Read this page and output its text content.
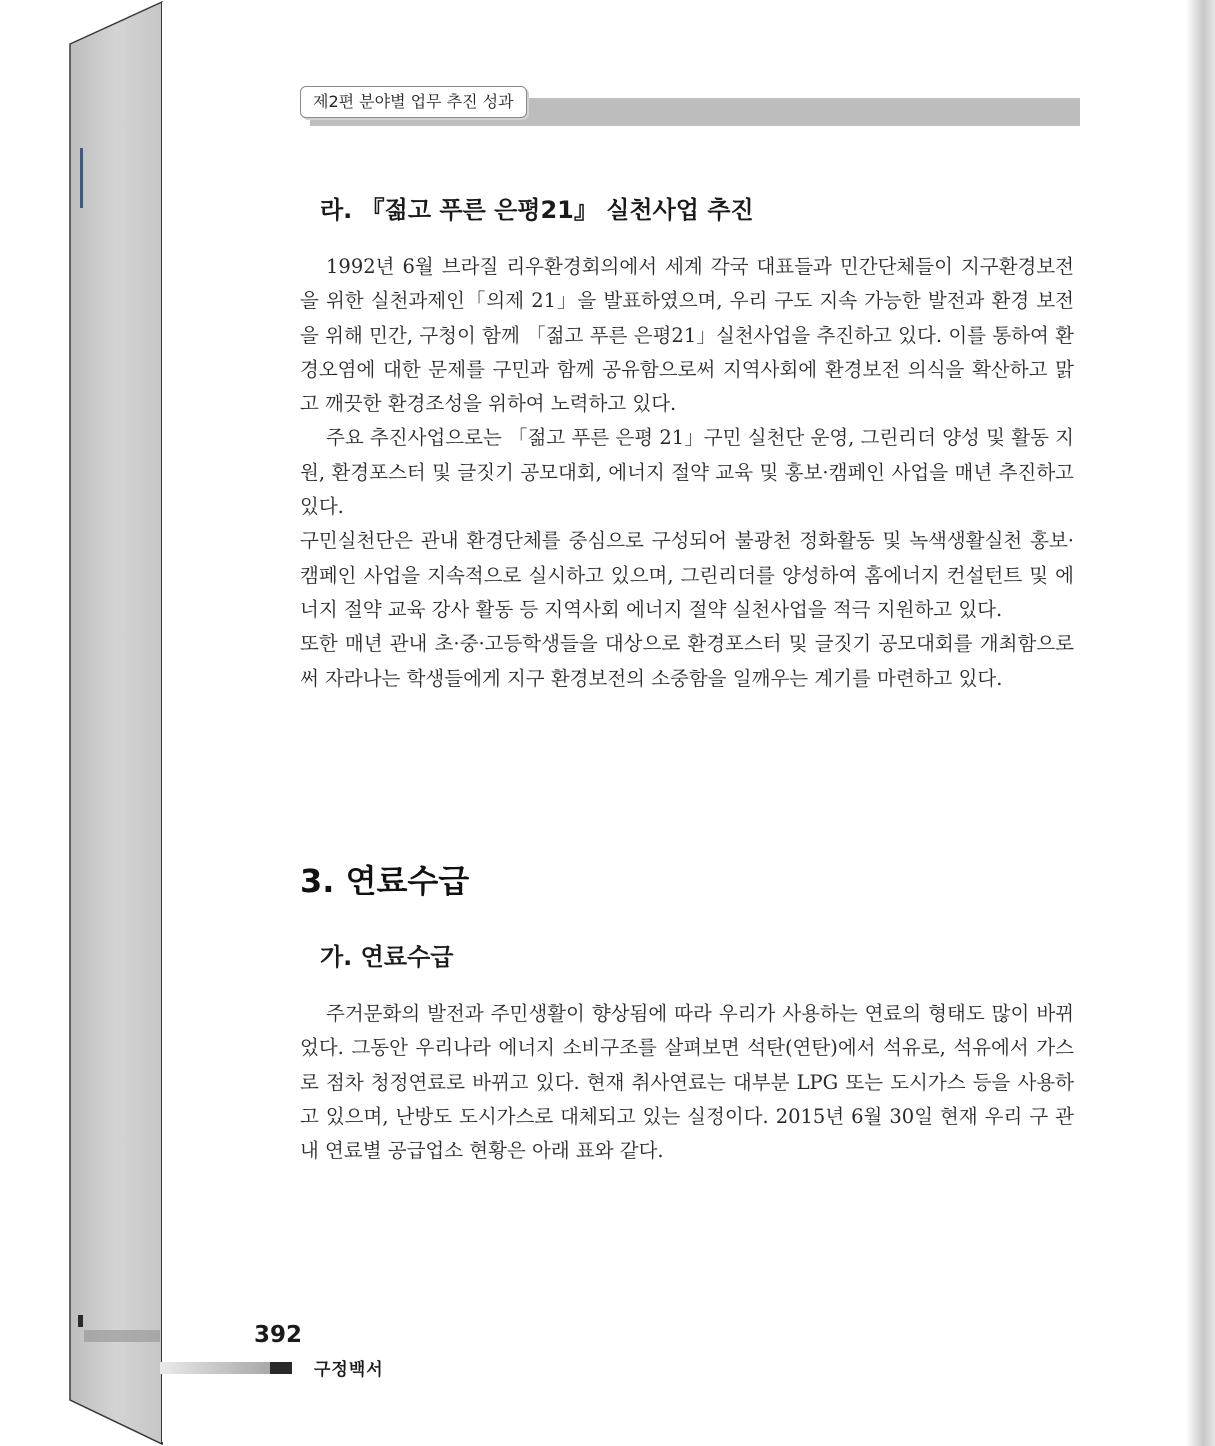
제2편 분야별 업무 추진 성과
라. 『젊고 푸른 은평21』 실천사업 추진

1992년 6월 브라질 리우환경회의에서 세계 각국 대표들과 민간단체들이 지구환경보전을 위한 실천과제인「의제 21」을 발표하였으며, 우리 구도 지속 가능한 발전과 환경 보전을 위해 민간, 구청이 함께 「젊고 푸른 은평21」실천사업을 추진하고 있다. 이를 통하여 환경오염에 대한 문제를 구민과 함께 공유함으로써 지역사회에 환경보전 의식을 확산하고 맑고 깨끗한 환경조성을 위하여 노력하고 있다.

주요 추진사업으로는 「젊고 푸른 은평 21」구민 실천단 운영, 그린리더 양성 및 활동 지원, 환경포스터 및 글짓기 공모대회, 에너지 절약 교육 및 홍보·캠페인 사업을 매년 추진하고 있다.

구민실천단은 관내 환경단체를 중심으로 구성되어 불광천 정화활동 및 녹색생활실천 홍보·캠페인 사업을 지속적으로 실시하고 있으며, 그린리더를 양성하여 홈에너지 컨설턴트 및 에너지 절약 교육 강사 활동 등 지역사회 에너지 절약 실천사업을 적극 지원하고 있다.

또한 매년 관내 초·중·고등학생들을 대상으로 환경포스터 및 글짓기 공모대회를 개최함으로써 자라나는 학생들에게 지구 환경보전의 소중함을 일깨우는 계기를 마련하고 있다.

3. 연료수급
가. 연료수급

주거문화의 발전과 주민생활이 향상됨에 따라 우리가 사용하는 연료의 형태도 많이 바뀌었다. 그동안 우리나라 에너지 소비구조를 살펴보면 석탄(연탄)에서 석유로, 석유에서 가스로 점차 청정연료로 바뀌고 있다. 현재 취사연료는 대부분 LPG 또는 도시가스 등을 사용하고 있으며, 난방도 도시가스로 대체되고 있는 실정이다. 2015년 6월 30일 현재 우리 구 관내 연료별 공급업소 현황은 아래 표와 같다.

392
구정백서
